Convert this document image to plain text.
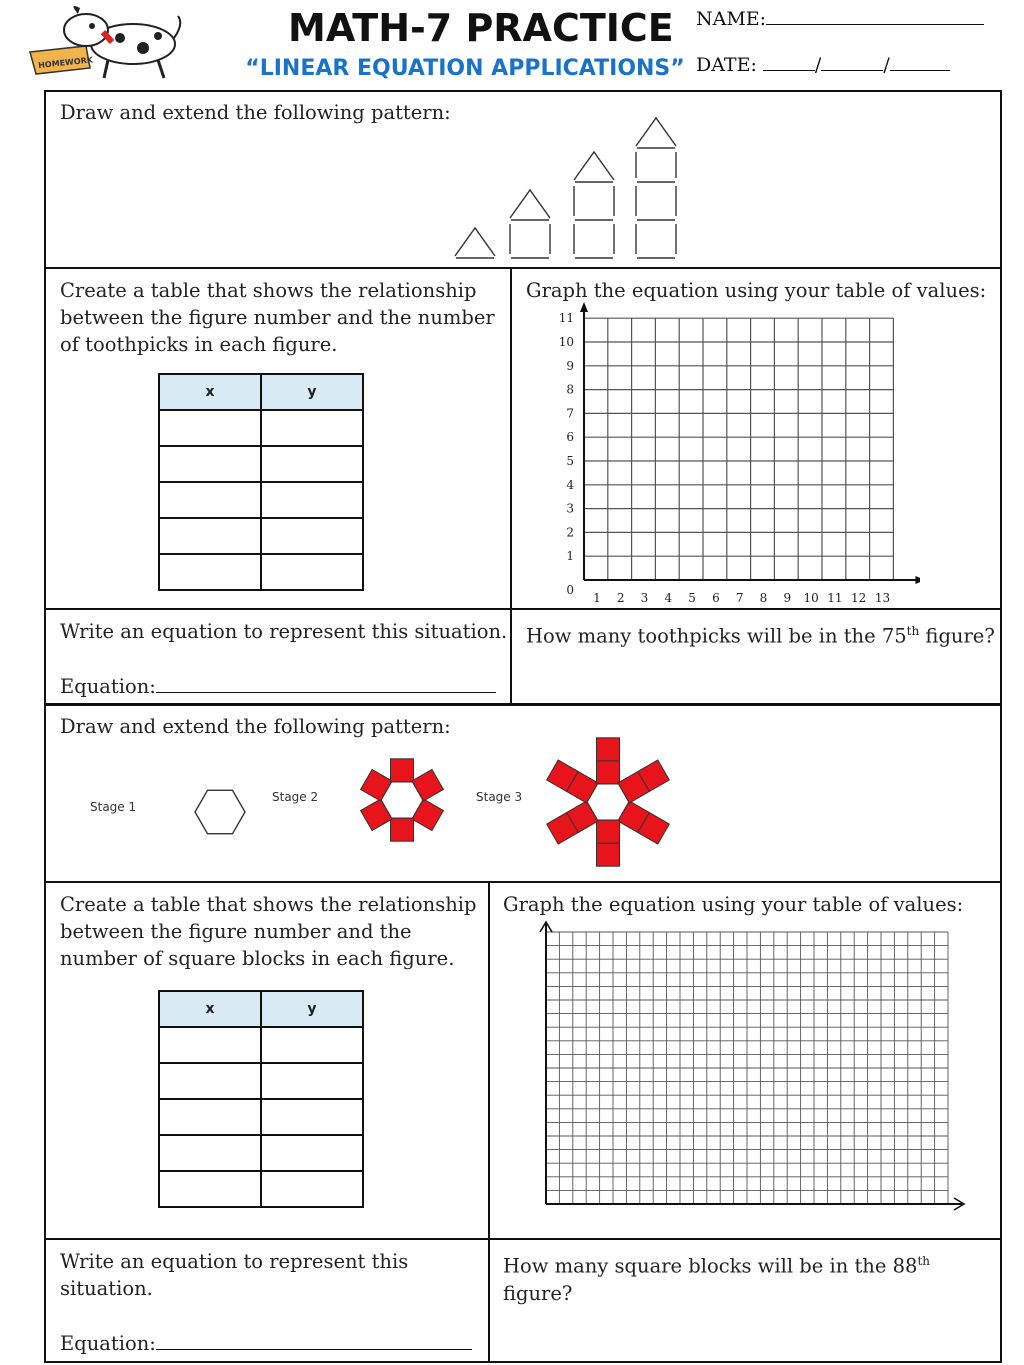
HOMEWORK
MATH-7 PRACTICE
“LINEAR EQUATION APPLICATIONS”
NAME:
DATE:	/	/
Draw and extend the following pattern:
Create a table that shows the relationship between the figure number and the number of toothpicks in each figure.
x	y

Graph the equation using your table of values:
0
1
2
3
4
5
6
7
8
9
10
11
1 2 3 4 5 6 7 8 9 10 11 12 13
Write an equation to represent this situation.
Equation:
How many toothpicks will be in the 75th figure?
Draw and extend the following pattern:
Stage 1
Stage 2	Stage 3
Create a table that shows the relationship
between the figure number and the
number of square blocks in each figure.
x	y

Graph the equation using your table of values:
Write an equation to represent this
situation.
Equation:
How many square blocks will be in the 88th
figure?
